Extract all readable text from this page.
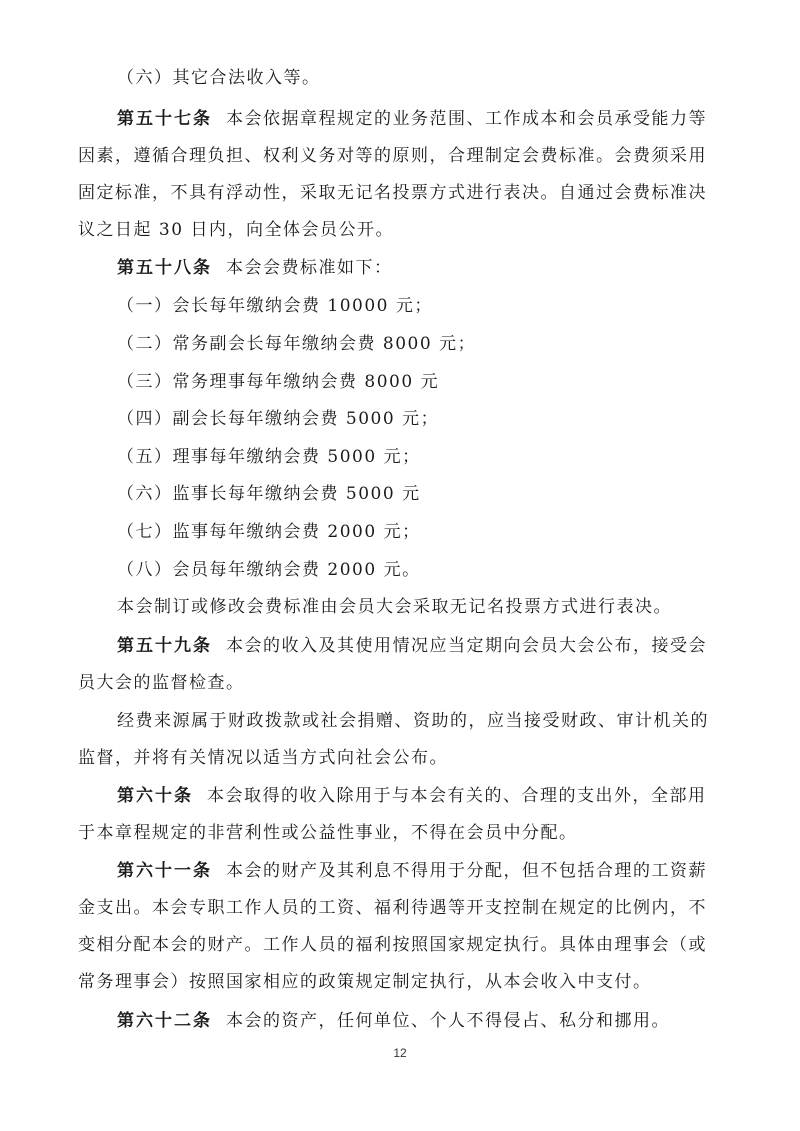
（六）其它合法收入等。
第五十七条 本会依据章程规定的业务范围、工作成本和会员承受能力等
因素，遵循合理负担、权利义务对等的原则，合理制定会费标准。会费须采用
固定标准，不具有浮动性，采取无记名投票方式进行表决。自通过会费标准决
议之日起 30 日内，向全体会员公开。
第五十八条 本会会费标准如下：
（一）会长每年缴纳会费 10000 元；
（二）常务副会长每年缴纳会费 8000 元；
（三）常务理事每年缴纳会费 8000 元
（四）副会长每年缴纳会费 5000 元；
（五）理事每年缴纳会费 5000 元；
（六）监事长每年缴纳会费 5000 元
（七）监事每年缴纳会费 2000 元；
（八）会员每年缴纳会费 2000 元。
本会制订或修改会费标准由会员大会采取无记名投票方式进行表决。
第五十九条 本会的收入及其使用情况应当定期向会员大会公布，接受会
员大会的监督检查。
经费来源属于财政拨款或社会捐赠、资助的，应当接受财政、审计机关的
监督，并将有关情况以适当方式向社会公布。
第六十条 本会取得的收入除用于与本会有关的、合理的支出外，全部用
于本章程规定的非营利性或公益性事业，不得在会员中分配。
第六十一条 本会的财产及其利息不得用于分配，但不包括合理的工资薪
金支出。本会专职工作人员的工资、福利待遇等开支控制在规定的比例内，不
变相分配本会的财产。工作人员的福利按照国家规定执行。具体由理事会（或
常务理事会）按照国家相应的政策规定制定执行，从本会收入中支付。
第六十二条 本会的资产，任何单位、个人不得侵占、私分和挪用。
12
